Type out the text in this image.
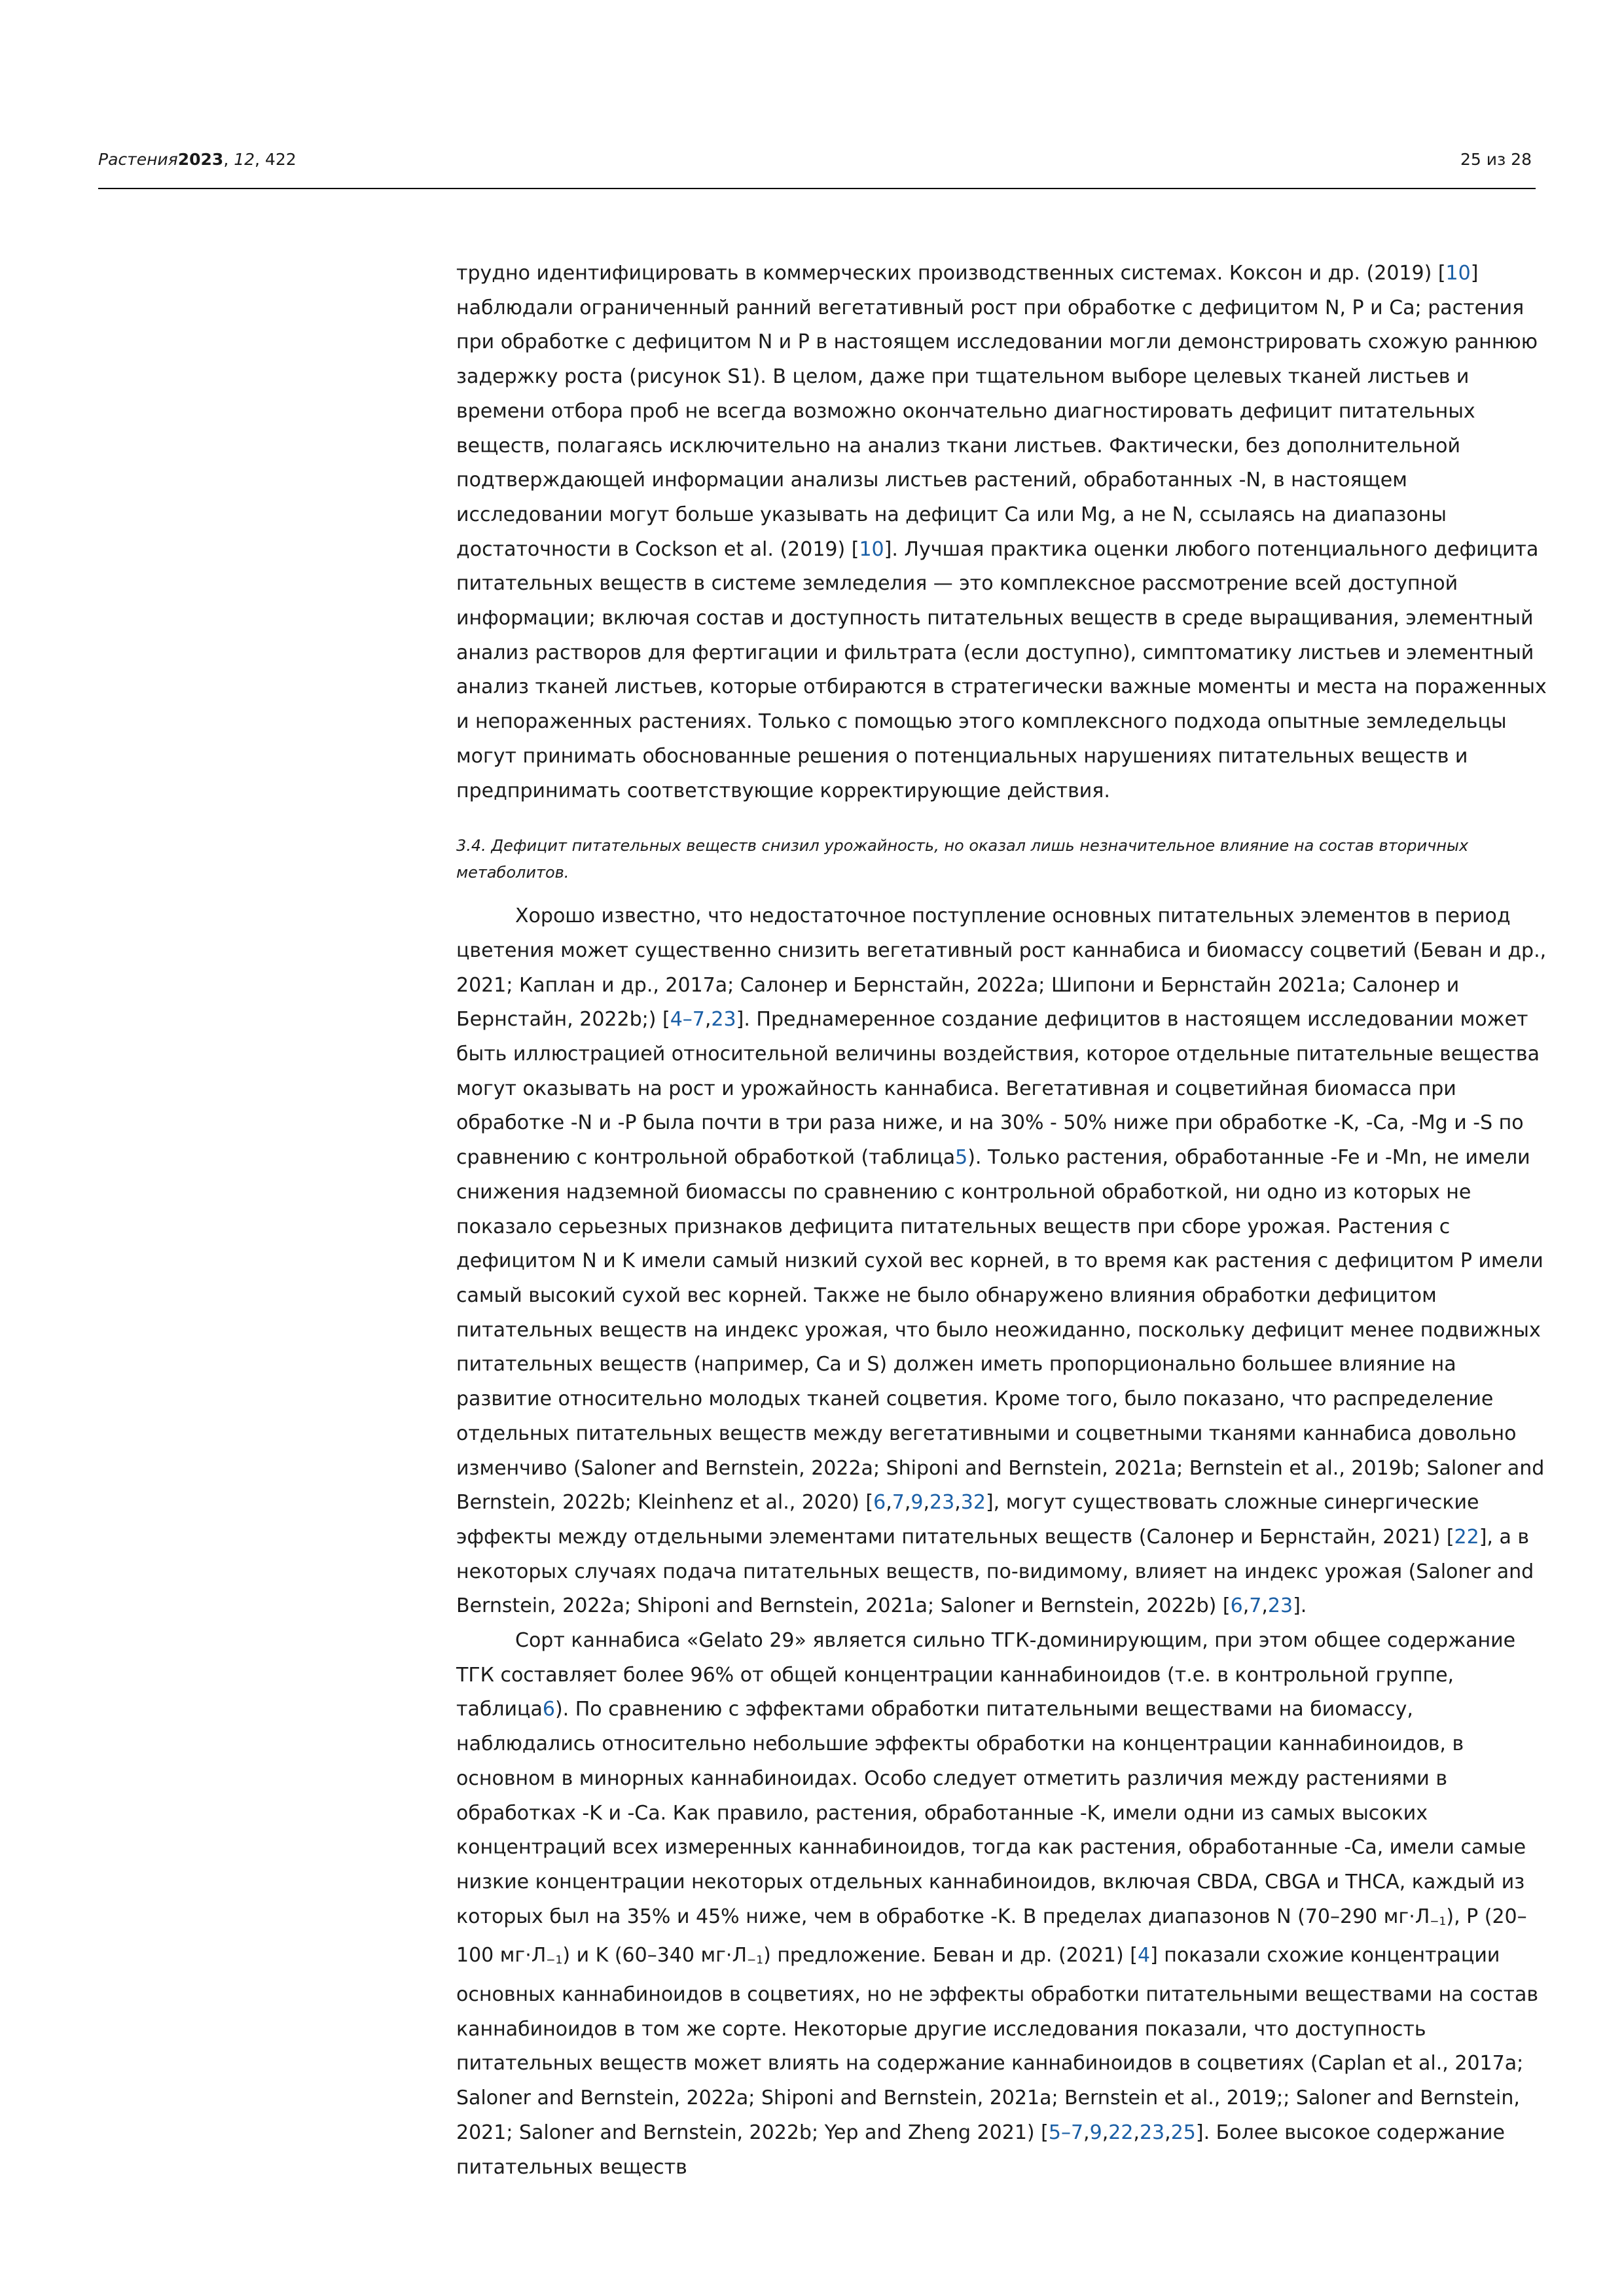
Растения2023, 12, 422	25 из 28

трудно идентифицировать в коммерческих производственных системах. Коксон и др. (2019) [10] наблюдали ограниченный ранний вегетативный рост при обработке с дефицитом N, P и Ca; растения при обработке с дефицитом N и P в настоящем исследовании могли демонстрировать схожую раннюю задержку роста (рисунок S1). В целом, даже при тщательном выборе целевых тканей листьев и времени отбора проб не всегда возможно окончательно диагностировать дефицит питательных веществ, полагаясь исключительно на анализ ткани листьев. Фактически, без дополнительной подтверждающей информации анализы листьев растений, обработанных -N, в настоящем исследовании могут больше указывать на дефицит Ca или Mg, а не N, ссылаясь на диапазоны достаточности в Cockson et al. (2019) [10]. Лучшая практика оценки любого потенциального дефицита питательных веществ в системе земледелия — это комплексное рассмотрение всей доступной информации; включая состав и доступность питательных веществ в среде выращивания, элементный анализ растворов для фертигации и фильтрата (если доступно), симптоматику листьев и элементный анализ тканей листьев, которые отбираются в стратегически важные моменты и места на пораженных и непораженных растениях. Только с помощью этого комплексного подхода опытные земледельцы могут принимать обоснованные решения о потенциальных нарушениях питательных веществ и предпринимать соответствующие корректирующие действия.

3.4. Дефицит питательных веществ снизил урожайность, но оказал лишь незначительное влияние на состав вторичных метаболитов.

Хорошо известно, что недостаточное поступление основных питательных элементов в период цветения может существенно снизить вегетативный рост каннабиса и биомассу соцветий (Беван и др., 2021; Каплан и др., 2017a; Салонер и Бернстайн, 2022a; Шипони и Бернстайн 2021a; Салонер и Бернстайн, 2022b;) [4–7,23]. Преднамеренное создание дефицитов в настоящем исследовании может быть иллюстрацией относительной величины воздействия, которое отдельные питательные вещества могут оказывать на рост и урожайность каннабиса. Вегетативная и соцветийная биомасса при обработке -N и -P была почти в три раза ниже, и на 30% - 50% ниже при обработке -K, -Ca, -Mg и -S по сравнению с контрольной обработкой (таблица5). Только растения, обработанные -Fe и -Mn, не имели снижения надземной биомассы по сравнению с контрольной обработкой, ни одно из которых не показало серьезных признаков дефицита питательных веществ при сборе урожая. Растения с дефицитом N и K имели самый низкий сухой вес корней, в то время как растения с дефицитом P имели самый высокий сухой вес корней. Также не было обнаружено влияния обработки дефицитом питательных веществ на индекс урожая, что было неожиданно, поскольку дефицит менее подвижных питательных веществ (например, Ca и S) должен иметь пропорционально большее влияние на развитие относительно молодых тканей соцветия. Кроме того, было показано, что распределение отдельных питательных веществ между вегетативными и соцветными тканями каннабиса довольно изменчиво (Saloner and Bernstein, 2022a; Shiponi and Bernstein, 2021a; Bernstein et al., 2019b; Saloner and Bernstein, 2022b; Kleinhenz et al., 2020) [6,7,9,23,32], могут существовать сложные синергические эффекты между отдельными элементами питательных веществ (Салонер и Бернстайн, 2021) [22], а в некоторых случаях подача питательных веществ, по-видимому, влияет на индекс урожая (Saloner and Bernstein, 2022a; Shiponi and Bernstein, 2021a; Saloner и Bernstein, 2022b) [6,7,23].

Сорт каннабиса «Gelato 29» является сильно ТГК-доминирующим, при этом общее содержание ТГК составляет более 96% от общей концентрации каннабиноидов (т.е. в контрольной группе, таблица6). По сравнению с эффектами обработки питательными веществами на биомассу, наблюдались относительно небольшие эффекты обработки на концентрации каннабиноидов, в основном в минорных каннабиноидах. Особо следует отметить различия между растениями в обработках -K и -Ca. Как правило, растения, обработанные -K, имели одни из самых высоких концентраций всех измеренных каннабиноидов, тогда как растения, обработанные -Ca, имели самые низкие концентрации некоторых отдельных каннабиноидов, включая CBDA, CBGA и THCA, каждый из которых был на 35% и 45% ниже, чем в обработке -K. В пределах диапазонов N (70–290 $мг\cdot Л_{-1}$), P (20–100 $мг\cdot Л_{-1}$) и K (60–340 $мг\cdot Л_{-1}$) предложение. Беван и др. (2021) [4] показали схожие концентрации основных каннабиноидов в соцветиях, но не эффекты обработки питательными веществами на состав каннабиноидов в том же сорте. Некоторые другие исследования показали, что доступность питательных веществ может влиять на содержание каннабиноидов в соцветиях (Caplan et al., 2017a; Saloner and Bernstein, 2022a; Shiponi and Bernstein, 2021a; Bernstein et al., 2019;; Saloner and Bernstein, 2021; Saloner and Bernstein, 2022b; Yep and Zheng 2021) [5–7,9,22,23,25]. Более высокое содержание питательных веществ
